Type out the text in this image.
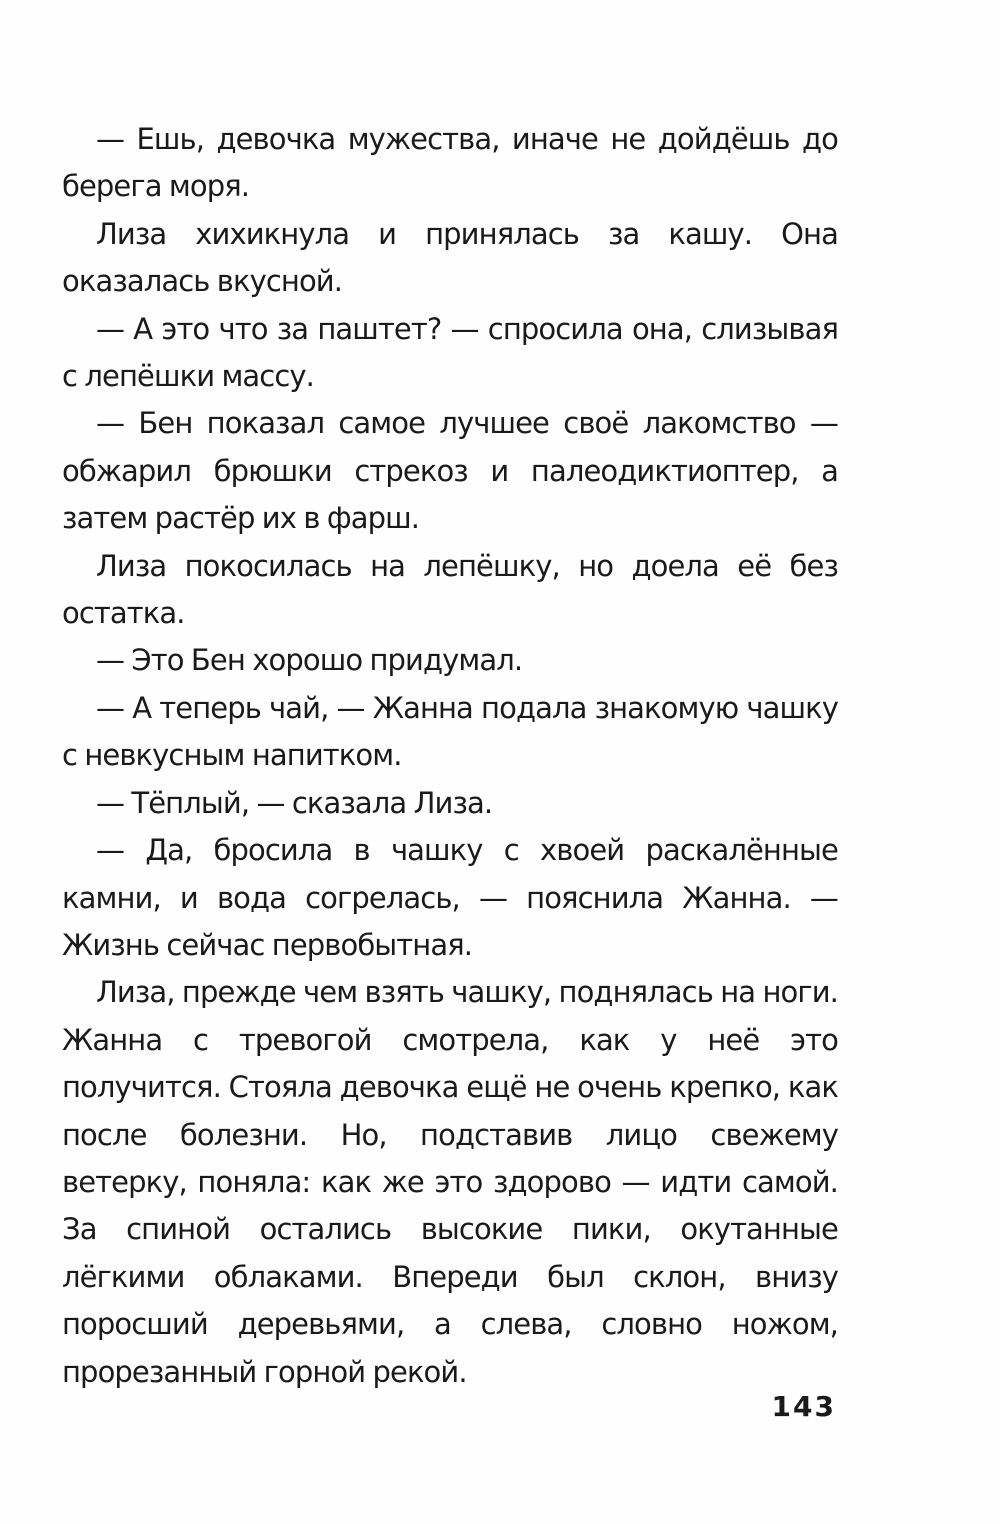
— Ешь, девочка мужества, иначе не дойдёшь до берега моря.

Лиза хихикнула и принялась за кашу. Она оказалась вкусной.

— А это что за паштет? — спросила она, слизывая с лепёшки массу.

— Бен показал самое лучшее своё лакомство — обжарил брюшки стрекоз и палеодиктиоптер, а затем растёр их в фарш.

Лиза покосилась на лепёшку, но доела её без остатка.

— Это Бен хорошо придумал.

— А теперь чай, — Жанна подала знакомую чашку с невкусным напитком.

— Тёплый, — сказала Лиза.

— Да, бросила в чашку с хвоей раскалённые камни, и вода согрелась, — пояснила Жанна. — Жизнь сейчас первобытная.

Лиза, прежде чем взять чашку, поднялась на ноги. Жанна с тревогой смотрела, как у неё это получится. Стояла девочка ещё не очень крепко, как после болезни. Но, подставив лицо свежему ветерку, поняла: как же это здорово — идти самой. За спиной остались высокие пики, окутанные лёгкими облаками. Впереди был склон, внизу поросший деревьями, а слева, словно ножом, прорезанный горной рекой.

143
